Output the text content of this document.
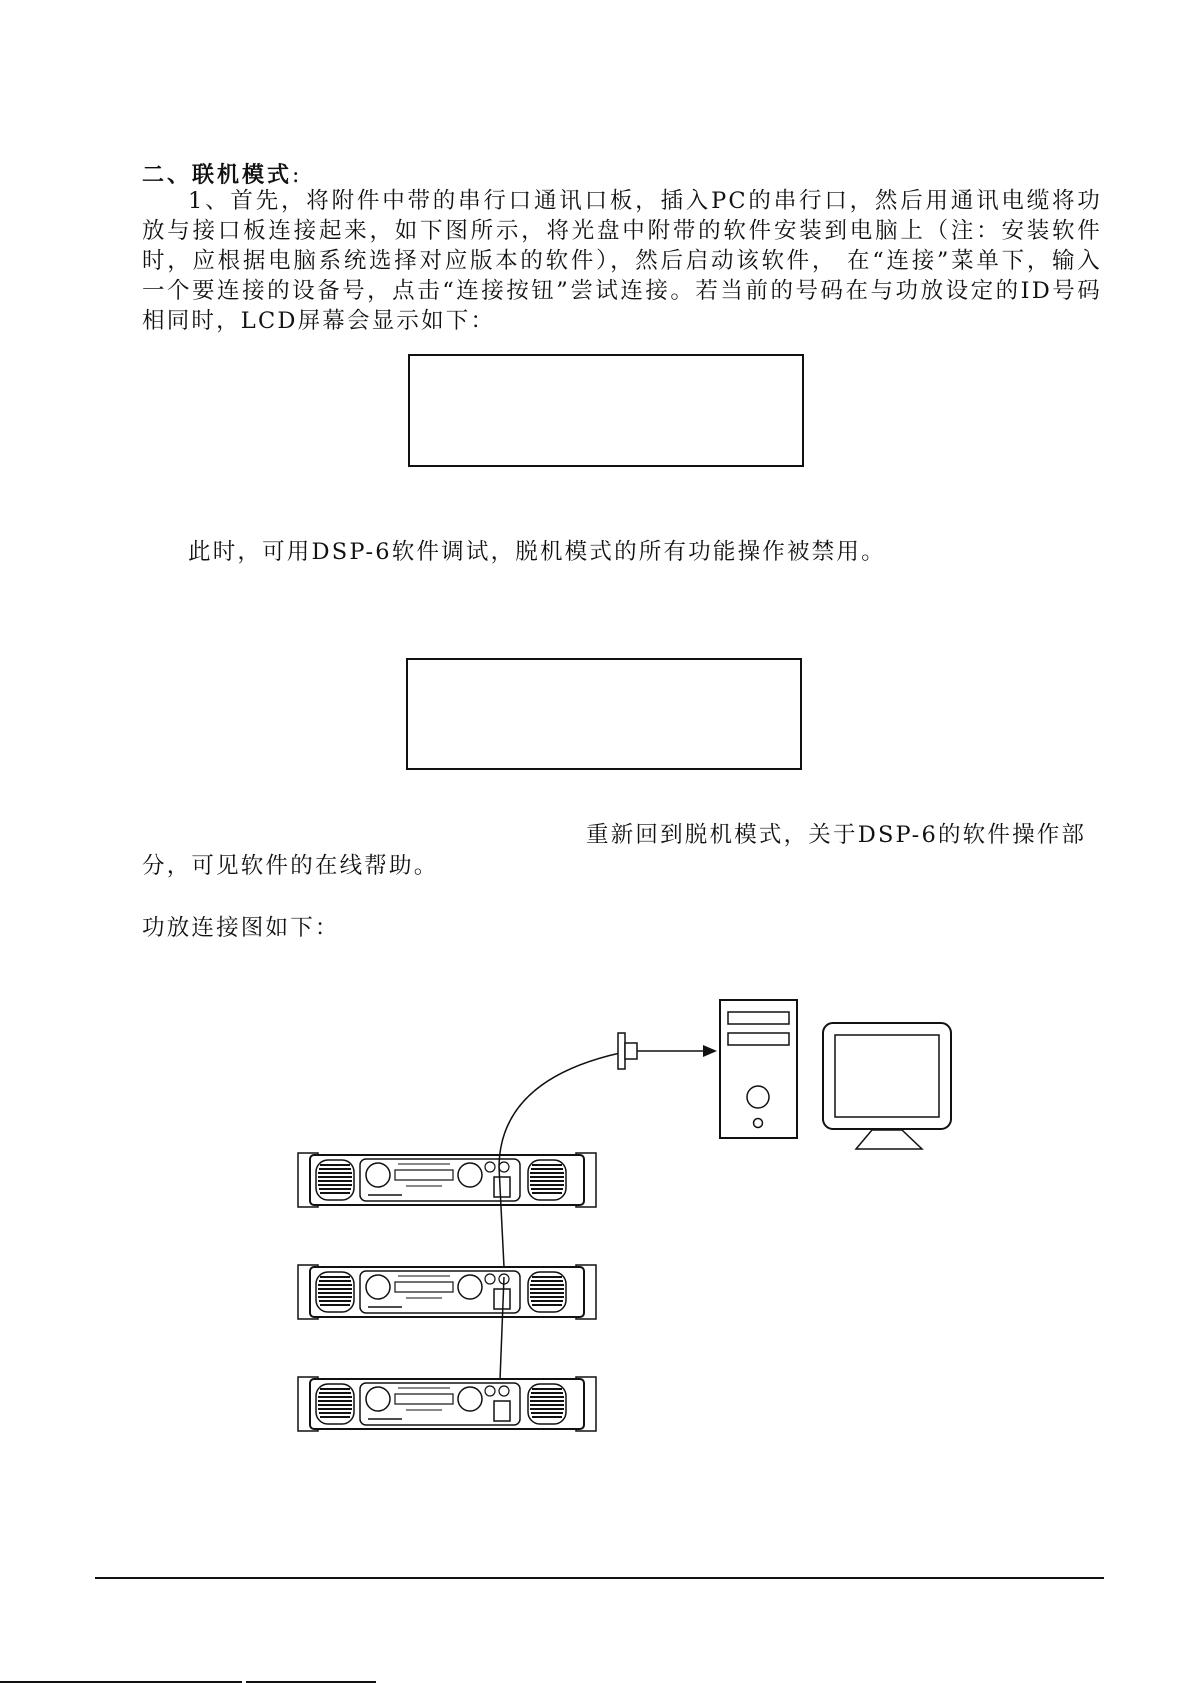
二、联机模式:
1、首先，将附件中带的串行口通讯口板，插入PC的串行口，然后用通讯电缆将功放与接口板连接起来，如下图所示，将光盘中附带的软件安装到电脑上（注：安装软件时，应根据电脑系统选择对应版本的软件），然后启动该软件， 在“连接”菜单下，输入一个要连接的设备号，点击“连接按钮”尝试连接。若当前的号码在与功放设定的ID号码相同时，LCD屏幕会显示如下：
此时，可用DSP-6软件调试，脱机模式的所有功能操作被禁用。
重新回到脱机模式，关于DSP-6的软件操作部
分，可见软件的在线帮助。
功放连接图如下：
